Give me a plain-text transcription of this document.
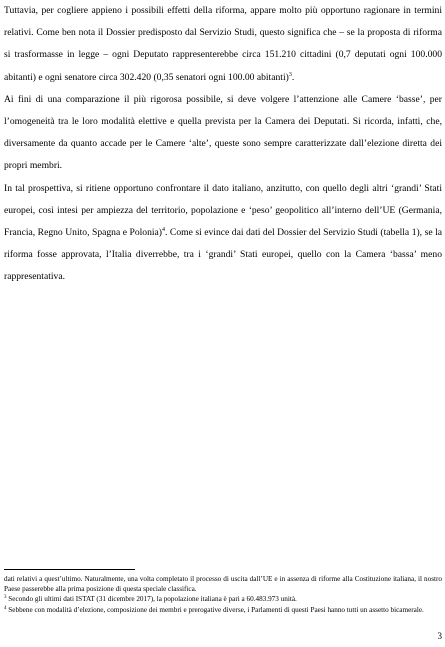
Tuttavia, per cogliere appieno i possibili effetti della riforma, appare molto più opportuno ragionare in termini relativi. Come ben nota il Dossier predisposto dal Servizio Studi, questo significa che – se la proposta di riforma si trasformasse in legge – ogni Deputato rappresenterebbe circa 151.210 cittadini (0,7 deputati ogni 100.000 abitanti) e ogni senatore circa 302.420 (0,35 senatori ogni 100.00 abitanti)$^3$.

Ai fini di una comparazione il più rigorosa possibile, si deve volgere l’attenzione alle Camere ‘basse’, per l’omogeneità tra le loro modalità elettive e quella prevista per la Camera dei Deputati. Si ricorda, infatti, che, diversamente da quanto accade per le Camere ‘alte’, queste sono sempre caratterizzate dall’elezione diretta dei propri membri.

In tal prospettiva, si ritiene opportuno confrontare il dato italiano, anzitutto, con quello degli altri ‘grandi’ Stati europei, così intesi per ampiezza del territorio, popolazione e ‘peso’ geopolitico all’interno dell’UE (Germania, Francia, Regno Unito, Spagna e Polonia)$^4$. Come si evince dai dati del Dossier del Servizio Studi (tabella 1), se la riforma fosse approvata, l’Italia diverrebbe, tra i ‘grandi’ Stati europei, quello con la Camera ‘bassa’ meno rappresentativa.

dati relativi a quest’ultimo. Naturalmente, una volta completato il processo di uscita dall’UE e in assenza di riforme alla Costituzione italiana, il nostro Paese passerebbe alla prima posizione di questa speciale classifica.

$^3$ Secondo gli ultimi dati ISTAT (31 dicembre 2017), la popolazione italiana è pari a 60.483.973 unità.

$^4$ Sebbene con modalità d’elezione, composizione dei membri e prerogative diverse, i Parlamenti di questi Paesi hanno tutti un assetto bicamerale.

3
